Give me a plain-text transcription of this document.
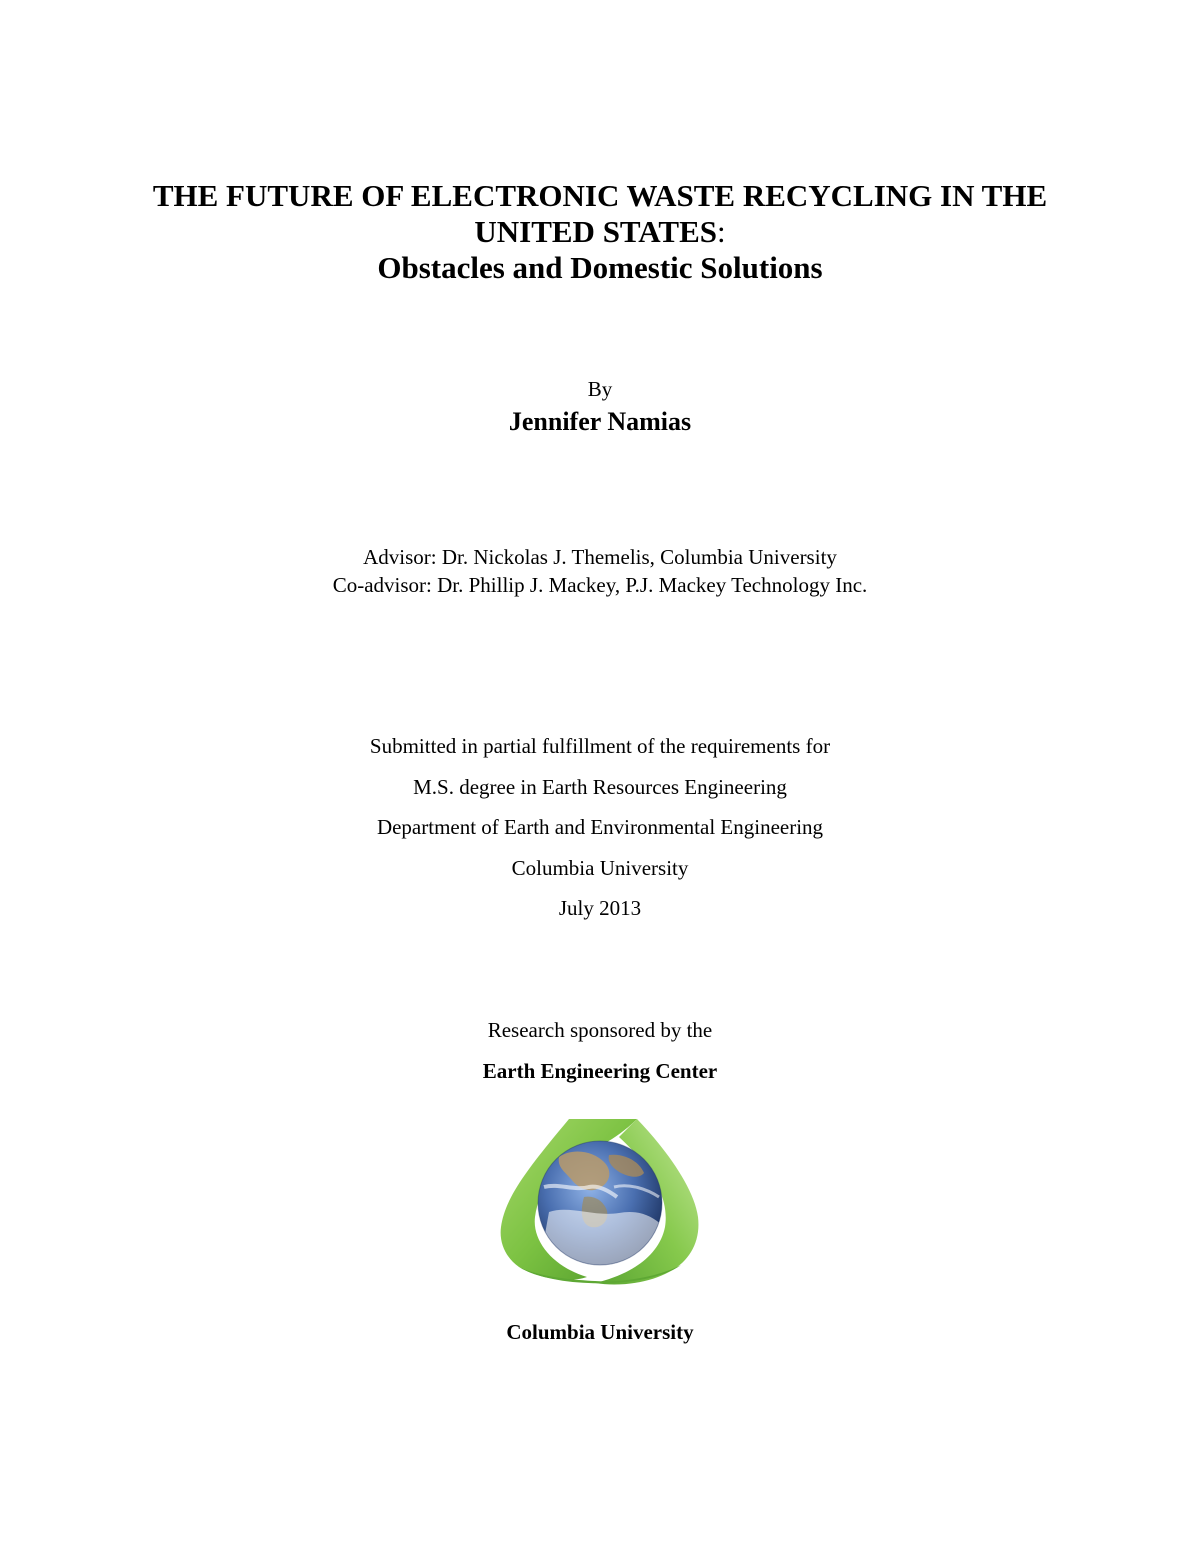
THE FUTURE OF ELECTRONIC WASTE RECYCLING IN THE
UNITED STATES:
Obstacles and Domestic Solutions
By
Jennifer Namias
Advisor: Dr. Nickolas J. Themelis, Columbia University
Co-advisor: Dr. Phillip J. Mackey, P.J. Mackey Technology Inc.
Submitted in partial fulfillment of the requirements for
M.S. degree in Earth Resources Engineering
Department of Earth and Environmental Engineering
Columbia University
July 2013
Research sponsored by the
Earth Engineering Center
Columbia University
